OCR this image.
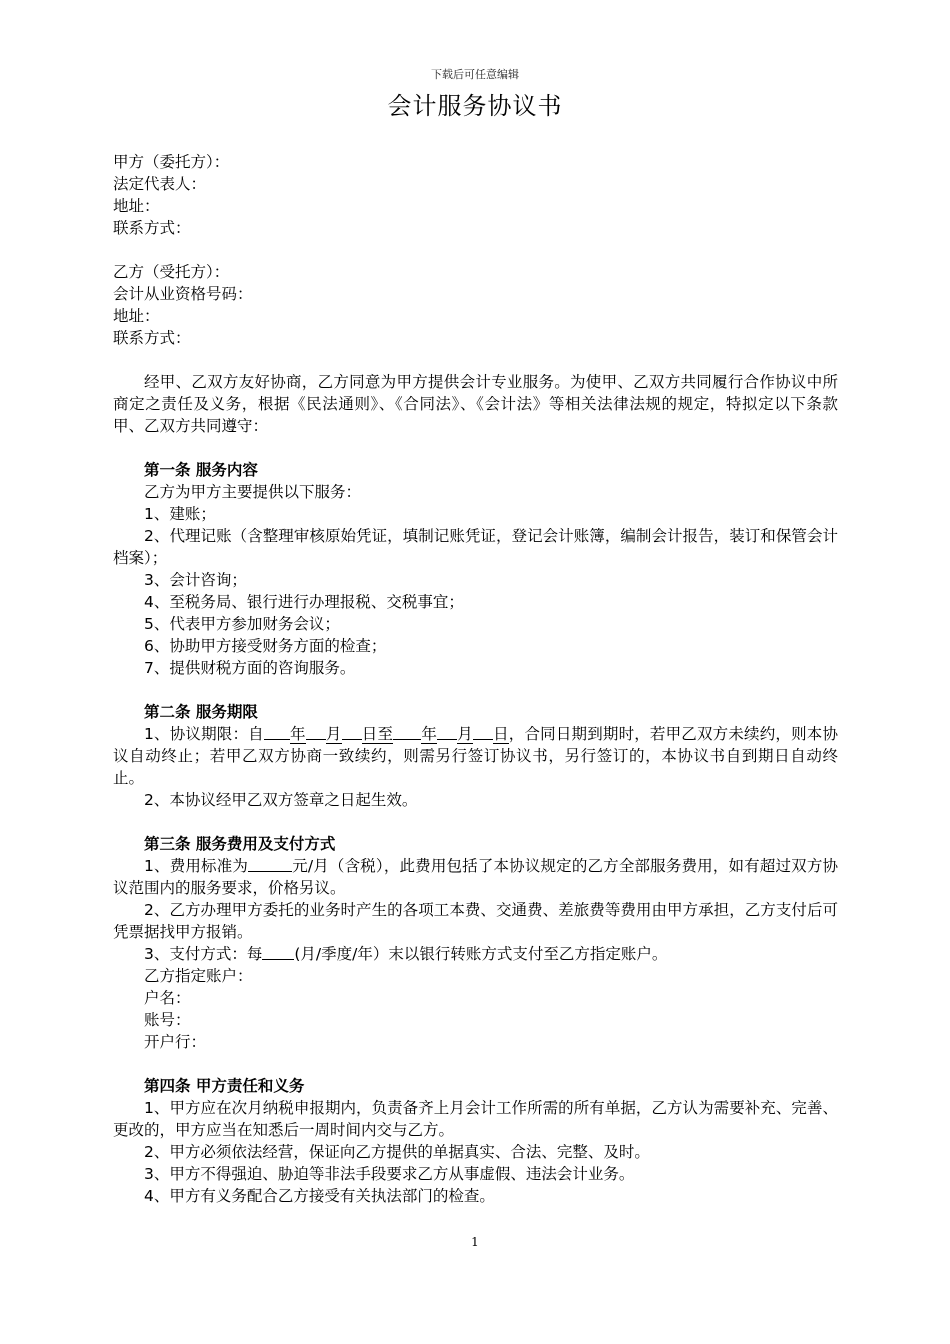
下载后可任意编辑
会计服务协议书
甲方（委托方）：
法定代表人：
地址：
联系方式：
乙方（受托方）：
会计从业资格号码：
地址：
联系方式：
经甲、乙双方友好协商，乙方同意为甲方提供会计专业服务。为使甲、乙双方共同履行合作协议中所商定之责任及义务，根据《民法通则》、《合同法》、《会计法》等相关法律法规的规定，特拟定以下条款甲、乙双方共同遵守：
第一条 服务内容
乙方为甲方主要提供以下服务：
1、建账；
2、代理记账（含整理审核原始凭证，填制记账凭证，登记会计账簿，编制会计报告，装订和保管会计档案）；
3、会计咨询；
4、至税务局、银行进行办理报税、交税事宜；
5、代表甲方参加财务会议；
6、协助甲方接受财务方面的检查；
7、提供财税方面的咨询服务。
第二条 服务期限
1、协议期限：自 年 月 日至 年 月 日，合同日期到期时，若甲乙双方未续约，则本协议自动终止；若甲乙双方协商一致续约，则需另行签订协议书，另行签订的，本协议书自到期日自动终止。
2、本协议经甲乙双方签章之日起生效。
第三条 服务费用及支付方式
1、费用标准为	元/月（含税），此费用包括了本协议规定的乙方全部服务费用，如有超过双方协议范围内的服务要求，价格另议。
2、乙方办理甲方委托的业务时产生的各项工本费、交通费、差旅费等费用由甲方承担，乙方支付后可凭票据找甲方报销。
3、支付方式：每 (月/季度/年）末以银行转账方式支付至乙方指定账户。
乙方指定账户：
户名：
账号：
开户行：
第四条 甲方责任和义务
1、甲方应在次月纳税申报期内，负责备齐上月会计工作所需的所有单据，乙方认为需要补充、完善、更改的，甲方应当在知悉后一周时间内交与乙方。
2、甲方必须依法经营，保证向乙方提供的单据真实、合法、完整、及时。
3、甲方不得强迫、胁迫等非法手段要求乙方从事虚假、违法会计业务。
4、甲方有义务配合乙方接受有关执法部门的检查。
1
